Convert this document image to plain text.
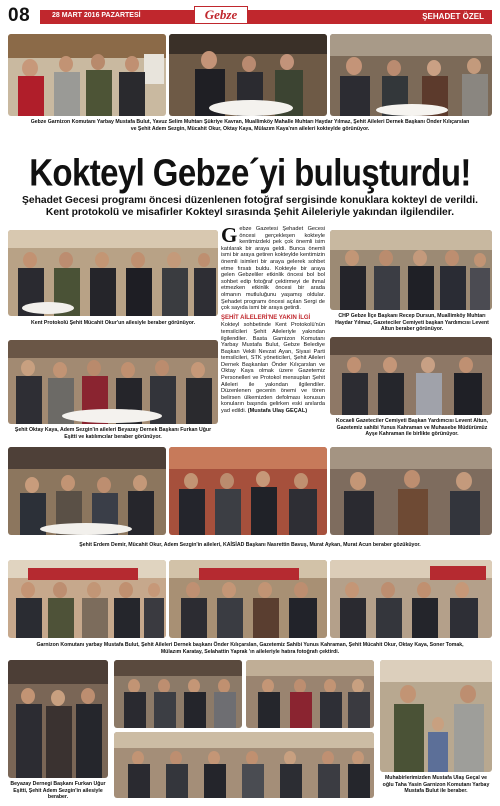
08	28 MART 2016 PAZARTESİ	ŞEHADET ÖZEL
Gebze
Gebze Garnizon Komutanı Yarbay Mustafa Bulut, Yavuz Selim Muhtarı Şükriye Kavran, Muallimköy Mahalle Muhtarı Haydar Yılmaz, Şehit Aileleri Dernek Başkanı Önder Kılıçarslan ve Şehit Adem Sezgin, Mücahit Okur, Oktay Kaya, Mülazım Kaya'nın aileleri kokteylde görünüyor.
Kokteyl Gebze´yi buluşturdu!
Şehadet Gecesi programı öncesi düzenlenen fotoğraf sergisinde konuklara kokteyl de verildi. Kent protokolü ve misafirler Kokteyl sırasında Şehit Aileleriyle yakından ilgilendiler.
Kent Protokolü Şehit Mücahit Okur'un ailesiyle beraber görünüyor.

Gebze Gazetesi Şehadet Gecesi öncesi gerçekleşen kokteyle kentimizdeki pek çok önemli isim katılarak bir araya geldi. Bunca önemli ismi bir araya getiren kokteylde kentimizin önemli isimleri bir araya gelerek sohbet etme fırsatı buldu. Kokteyle bir araya gelen Gebzeliler etkinlik öncesi bol bol sohbet edip fotoğraf çektirmeyi de ihmal etmezken etkinlik öncesi bir arada olmanın mutluluğunu yaşamış oldular. Şehadet programı öncesi açılan Sergi de çok sayıda ismi bir araya getirdi.

ŞEHİT AİLELERİ'NE YAKIN İLGİ

Kokteyl sohbetinde Kent Protokolü'nün temsilcileri Şehit Aileleriyle yakından ilgilendiler. Basta Garnizon Komutanı Yarbay Mustafa Bulut, Gebze Belediye Başkan Vekili Nevzat Ayan, Siyasi Parti temsilcileri, STK yöneticileri, Şehit Aileleri Dernek Başkanları Önder Kılıçarslan ve Oktay Kaya olmak üzere Gazetemiz Personelleri ve Protokol mensupları Şehit Aileleri ile yakından ilgilendiler. Düzenlenen gecenin önemi ve tören belirsen ülkemizden defolması konusun konuların başında gelirken eski anılarda yad edildi. (Mustafa Ulaş GEÇAL)

CHP Gebze İlçe Başkanı Recep Dursun, Muallimköy Muhtarı Haydar Yılmaz, Gazeteciler Cemiyeti başkan Yardımcısı Levent Altun beraber görünüyor.
Şehit Oktay Kaya, Adem Sezgin'in aileleri Beyazay Dernek Başkanı Furkan Uğur Eşitti ve katılımcılar beraber görünüyor.
Kocaeli Gazeteciler Cemiyeti Başkan Yardımcısı Levent Altun, Gazetemiz sahibi Yunus Kahraman ve Muhasebe Müdürümüz Ayşe Kahraman ile birlikte görünüyor.
Şehit Erdem Demir, Mücahit Okur, Adem Sezgin'in aileleri, KAİSİAD Başkanı Nasrettin Bavuş, Murat Aykan, Murat Acun beraber gözüküyor.
Garnizon Komutanı yarbay Mustafa Bulut, Şehit Aileleri Dernek başkanı Önder Kılıçarslan, Gazetemiz Sahibi Yunus Kahraman, Şehit Mücahit Okur, Oktay Kaya, Soner Tomak, Mülazım Karatay, Selahattin Yaprak 'ın aileleriyle hatıra fotoğrafı çektirdi.
Beyazay Dernegi Başkanı Furkan Uğur Eşitti, Şehit Adem Sezgin'in ailesiyle beraber.
Muhabirlerimizden Mustafa Ulaş Geçal ve oğlu Taha Yasin Garnizon Komutanı Yarbay Mustafa Bulut ile beraber.
